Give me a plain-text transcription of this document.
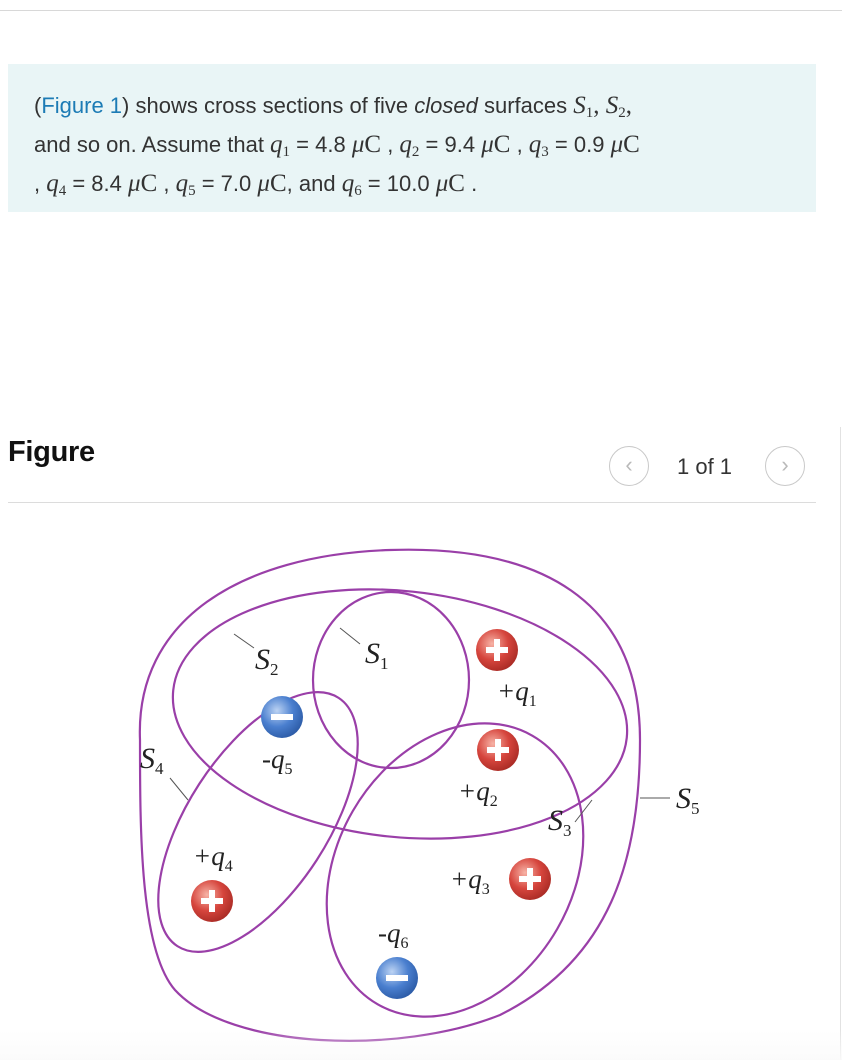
(Figure 1) shows cross sections of five closed surfaces $S_1$, $S_2$,
and so on. Assume that $q_1 = 4.8$ μC , $q_2 = 9.4$ μC , $q_3 = 0.9$ μC
, $q_4 = 8.4$ μC , $q_5 = 7.0$ μC, and $q_6 = 10.0$ μC .
Figure	‹	1 of 1	›
$S_2$	$S_1$
$S_4$
$S_3$
$S_5$
$+q_1$
$+q_2$
$+q_3$
$+q_4$
$-q_5$
$-q_6$
